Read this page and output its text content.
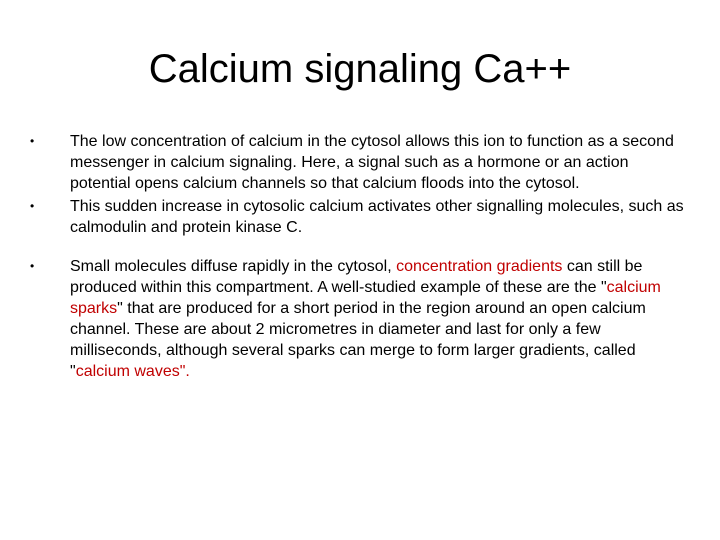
Calcium signaling Ca++
• The low concentration of calcium in the cytosol allows this ion to function as a second messenger in calcium signaling. Here, a signal such as a hormone or an action potential opens calcium channels so that calcium floods into the cytosol.
• This sudden increase in cytosolic calcium activates other signalling molecules, such as calmodulin and protein kinase C.
• Small molecules diffuse rapidly in the cytosol, concentration gradients can still be produced within this compartment. A well-studied example of these are the "calcium sparks" that are produced for a short period in the region around an open calcium channel. These are about 2 micrometres in diameter and last for only a few milliseconds, although several sparks can merge to form larger gradients, called "calcium waves".
